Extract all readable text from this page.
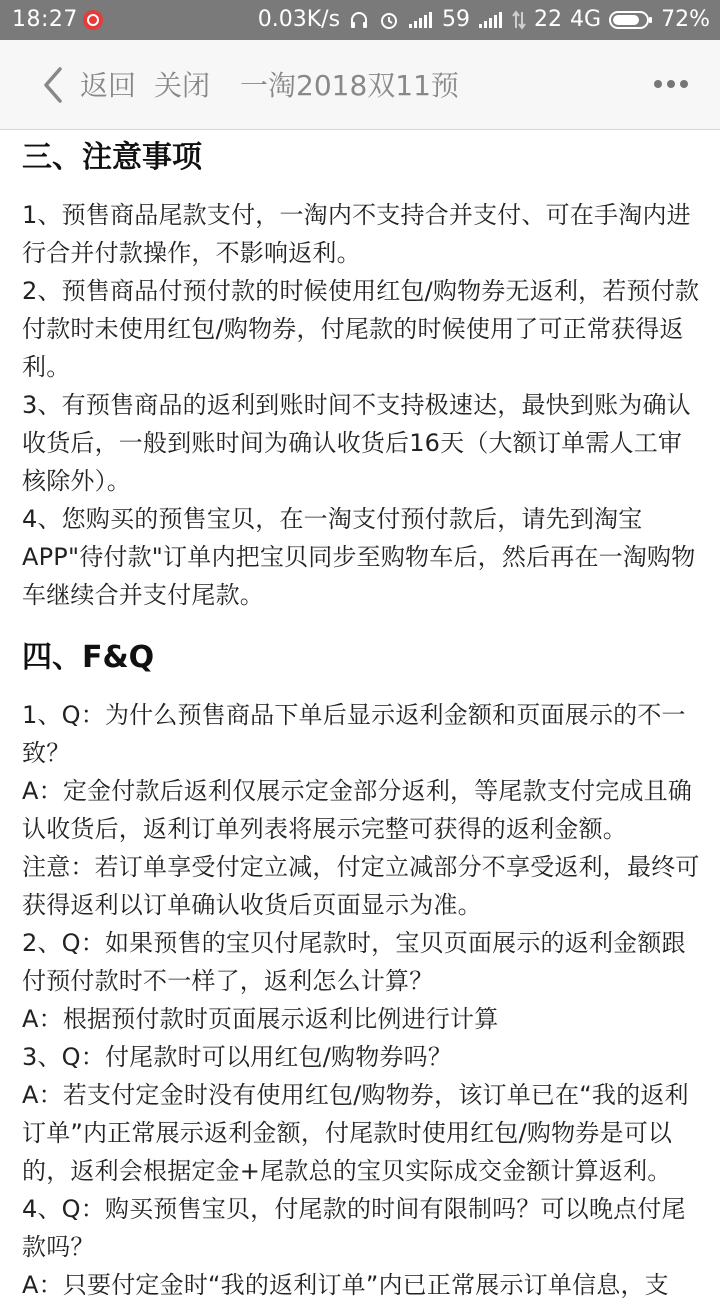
18:27	0.03K/s	59	22 4G	72%
返回 关闭 一淘2018双11预
三、注意事项

1、预售商品尾款支付，一淘内不支持合并支付、可在手淘内进行合并付款操作，不影响返利。

2、预售商品付预付款的时候使用红包/购物券无返利，若预付款付款时未使用红包/购物券，付尾款的时候使用了可正常获得返利。

3、有预售商品的返利到账时间不支持极速达，最快到账为确认收货后，一般到账时间为确认收货后16天（大额订单需人工审核除外）。

4、您购买的预售宝贝，在一淘支付预付款后，请先到淘宝APP"待付款"订单内把宝贝同步至购物车后，然后再在一淘购物车继续合并支付尾款。

四、F&Q

1、Q：为什么预售商品下单后显示返利金额和页面展示的不一致？

A：定金付款后返利仅展示定金部分返利，等尾款支付完成且确认收货后，返利订单列表将展示完整可获得的返利金额。

注意：若订单享受付定立减，付定立减部分不享受返利，最终可获得返利以订单确认收货后页面显示为准。

2、Q：如果预售的宝贝付尾款时，宝贝页面展示的返利金额跟付预付款时不一样了，返利怎么计算？

A：根据预付款时页面展示返利比例进行计算

3、Q：付尾款时可以用红包/购物券吗？

A：若支付定金时没有使用红包/购物券，该订单已在“我的返利订单”内正常展示返利金额，付尾款时使用红包/购物券是可以的，返利会根据定金+尾款总的宝贝实际成交金额计算返利。

4、Q：购买预售宝贝，付尾款的时间有限制吗？可以晚点付尾款吗？

A：只要付定金时“我的返利订单”内已正常展示订单信息，支
